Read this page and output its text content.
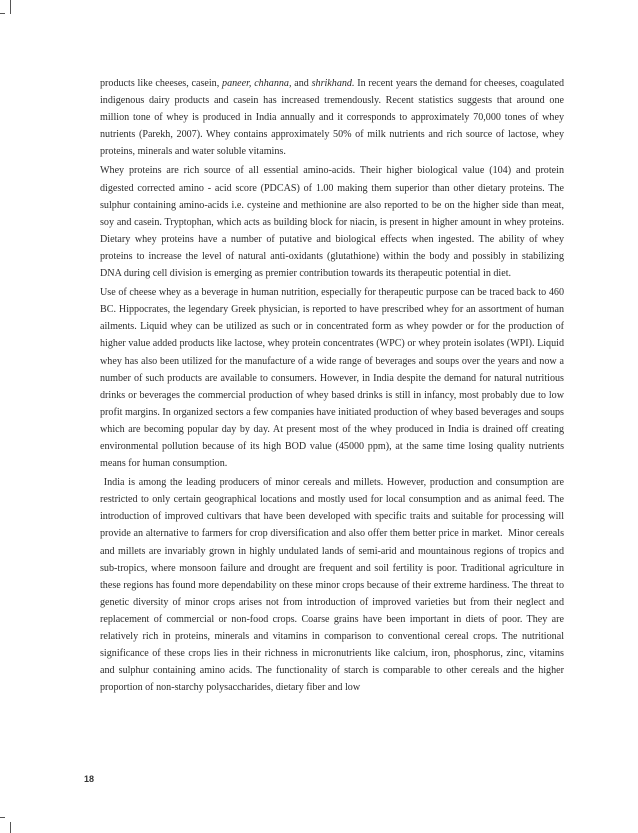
products like cheeses, casein, paneer, chhanna, and shrikhand. In recent years the demand for cheeses, coagulated indigenous dairy products and casein has increased tremendously. Recent statistics suggests that around one million tone of whey is produced in India annually and it corresponds to approximately 70,000 tones of whey nutrients (Parekh, 2007). Whey contains approximately 50% of milk nutrients and rich source of lactose, whey proteins, minerals and water soluble vitamins.

Whey proteins are rich source of all essential amino-acids. Their higher biological value (104) and protein digested corrected amino - acid score (PDCAS) of 1.00 making them superior than other dietary proteins. The sulphur containing amino-acids i.e. cysteine and methionine are also reported to be on the higher side than meat, soy and casein. Tryptophan, which acts as building block for niacin, is present in higher amount in whey proteins. Dietary whey proteins have a number of putative and biological effects when ingested. The ability of whey proteins to increase the level of natural anti-oxidants (glutathione) within the body and possibly in stabilizing DNA during cell division is emerging as premier contribution towards its therapeutic potential in diet.

Use of cheese whey as a beverage in human nutrition, especially for therapeutic purpose can be traced back to 460 BC. Hippocrates, the legendary Greek physician, is reported to have prescribed whey for an assortment of human ailments. Liquid whey can be utilized as such or in concentrated form as whey powder or for the production of higher value added products like lactose, whey protein concentrates (WPC) or whey protein isolates (WPI). Liquid whey has also been utilized for the manufacture of a wide range of beverages and soups over the years and now a number of such products are available to consumers. However, in India despite the demand for natural nutritious drinks or beverages the commercial production of whey based drinks is still in infancy, most probably due to low profit margins. In organized sectors a few companies have initiated production of whey based beverages and soups which are becoming popular day by day. At present most of the whey produced in India is drained off creating environmental pollution because of its high BOD value (45000 ppm), at the same time losing quality nutrients means for human consumption.

India is among the leading producers of minor cereals and millets. However, production and consumption are restricted to only certain geographical locations and mostly used for local consumption and as animal feed. The introduction of improved cultivars that have been developed with specific traits and suitable for processing will provide an alternative to farmers for crop diversification and also offer them better price in market.  Minor cereals and millets are invariably grown in highly undulated lands of semi-arid and mountainous regions of tropics and sub-tropics, where monsoon failure and drought are frequent and soil fertility is poor. Traditional agriculture in these regions has found more dependability on these minor crops because of their extreme hardiness. The threat to genetic diversity of minor crops arises not from introduction of improved varieties but from their neglect and replacement of commercial or non-food crops. Coarse grains have been important in diets of poor. They are relatively rich in proteins, minerals and vitamins in comparison to conventional cereal crops. The nutritional significance of these crops lies in their richness in micronutrients like calcium, iron, phosphorus, zinc, vitamins and sulphur containing amino acids. The functionality of starch is comparable to other cereals and the higher proportion of non-starchy polysaccharides, dietary fiber and low

18
